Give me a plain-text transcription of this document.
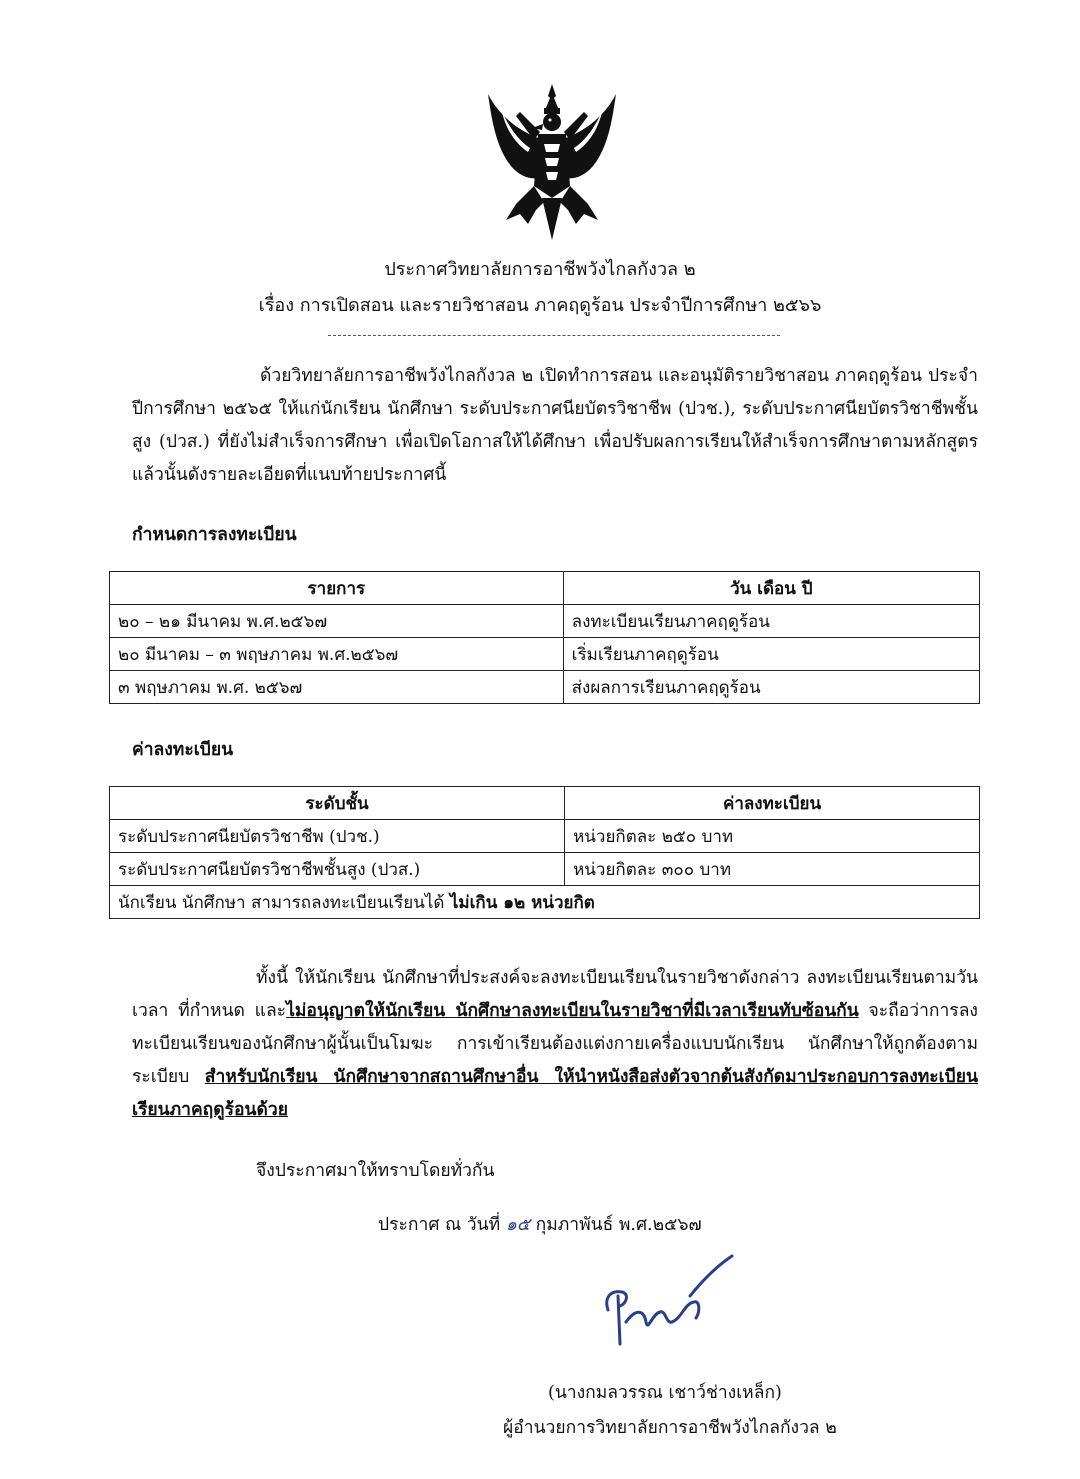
ประกาศวิทยาลัยการอาชีพวังไกลกังวล ๒
เรื่อง การเปิดสอน และรายวิชาสอน ภาคฤดูร้อน ประจำปีการศึกษา ๒๕๖๖
ด้วยวิทยาลัยการอาชีพวังไกลกังวล ๒ เปิดทำการสอน และอนุมัติรายวิชาสอน ภาคฤดูร้อน ประจำปีการศึกษา ๒๕๖๕ ให้แก่นักเรียน นักศึกษา ระดับประกาศนียบัตรวิชาชีพ (ปวช.), ระดับประกาศนียบัตรวิชาชีพชั้นสูง (ปวส.) ที่ยังไม่สำเร็จการศึกษา เพื่อเปิดโอกาสให้ได้ศึกษา เพื่อปรับผลการเรียนให้สำเร็จการศึกษาตามหลักสูตร แล้วนั้นดังรายละเอียดที่แนบท้ายประกาศนี้
กำหนดการลงทะเบียน
รายการ	วัน เดือน ปี
๒๐ – ๒๑ มีนาคม พ.ศ.๒๕๖๗	ลงทะเบียนเรียนภาคฤดูร้อน
๒๐ มีนาคม – ๓ พฤษภาคม พ.ศ.๒๕๖๗	เริ่มเรียนภาคฤดูร้อน
๓ พฤษภาคม พ.ศ. ๒๕๖๗	ส่งผลการเรียนภาคฤดูร้อน
ค่าลงทะเบียน
ระดับชั้น	ค่าลงทะเบียน
ระดับประกาศนียบัตรวิชาชีพ (ปวช.)	หน่วยกิตละ ๒๕๐ บาท
ระดับประกาศนียบัตรวิชาชีพชั้นสูง (ปวส.)	หน่วยกิตละ ๓๐๐ บาท
นักเรียน นักศึกษา สามารถลงทะเบียนเรียนได้ ไม่เกิน ๑๒ หน่วยกิต	
ทั้งนี้ ให้นักเรียน นักศึกษาที่ประสงค์จะลงทะเบียนเรียนในรายวิชาดังกล่าว ลงทะเบียนเรียนตามวัน เวลา ที่กำหนด และไม่อนุญาตให้นักเรียน นักศึกษาลงทะเบียนในรายวิชาที่มีเวลาเรียนทับซ้อนกัน จะถือว่าการลงทะเบียนเรียนของนักศึกษาผู้นั้นเป็นโมฆะ การเข้าเรียนต้องแต่งกายเครื่องแบบนักเรียน นักศึกษาให้ถูกต้องตามระเบียบ สำหรับนักเรียน นักศึกษาจากสถานศึกษาอื่น ให้นำหนังสือส่งตัวจากต้นสังกัดมาประกอบการลงทะเบียนเรียนภาคฤดูร้อนด้วย
จึงประกาศมาให้ทราบโดยทั่วกัน
ประกาศ ณ วันที่ ๑๕ กุมภาพันธ์ พ.ศ.๒๕๖๗
(นางกมลวรรณ เชาว์ช่างเหล็ก)
ผู้อำนวยการวิทยาลัยการอาชีพวังไกลกังวล ๒
